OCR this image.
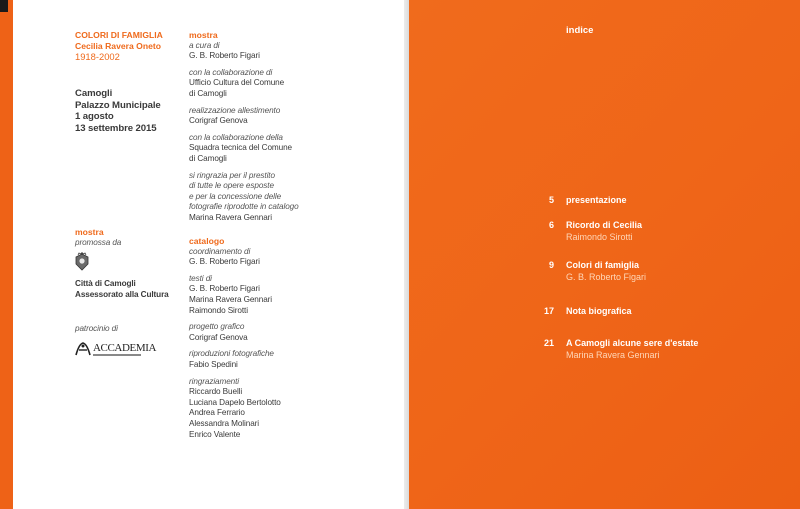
COLORI DI FAMIGLIA
Cecilia Ravera Oneto
1918-2002
Camogli
Palazzo Municipale
1 agosto
13 settembre 2015
mostra
promossa da
Città di Camogli
Assessorato alla Cultura
patrocinio di
ACCADEMIA
mostra
a cura di
G. B. Roberto Figari
con la collaborazione di
Ufficio Cultura del Comune
di Camogli
realizzazione allestimento
Corigraf Genova
con la collaborazione della
Squadra tecnica del Comune
di Camogli
si ringrazia per il prestito
di tutte le opere esposte
e per la concessione delle
fotografie riprodotte in catalogo
Marina Ravera Gennari
catalogo
coordinamento di
G. B. Roberto Figari
testi di
G. B. Roberto Figari
Marina Ravera Gennari
Raimondo Sirotti
progetto grafico
Corigraf Genova
riproduzioni fotografiche
Fabio Spedini
ringraziamenti
Riccardo Buelli
Luciana Dapelo Bertolotto
Andrea Ferrario
Alessandra Molinari
Enrico Valente
indice
5 presentazione
6 Ricordo di Cecilia
Raimondo Sirotti
9 Colori di famiglia
G. B. Roberto Figari
17 Nota biografica
21 A Camogli alcune sere d'estate
Marina Ravera Gennari
